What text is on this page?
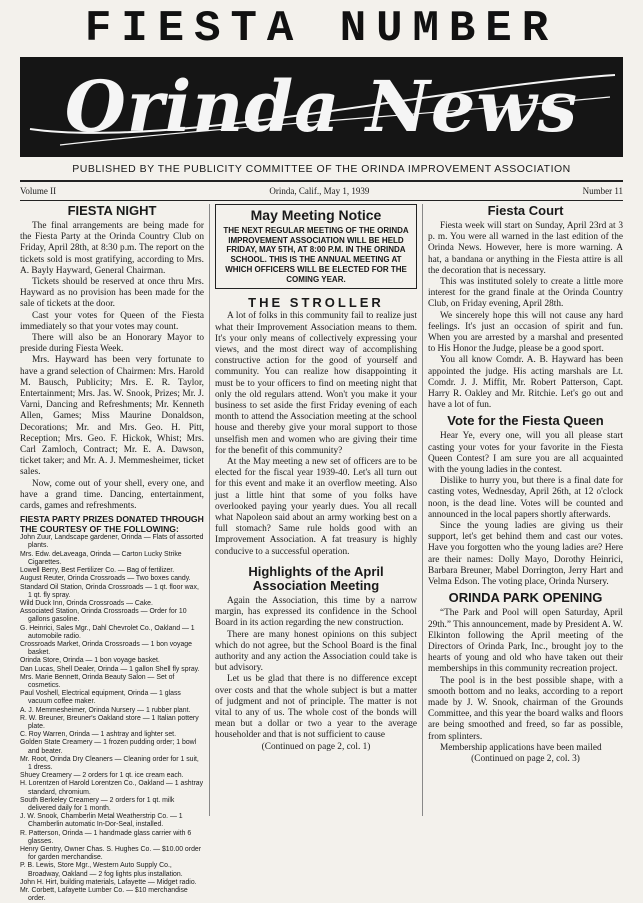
FIESTA NUMBER
Orinda News
PUBLISHED BY THE PUBLICITY COMMITTEE OF THE ORINDA IMPROVEMENT ASSOCIATION
Volume II	Orinda, Calif., May 1, 1939	Number 11
FIESTA NIGHT

The final arrangements are being made for the Fiesta Party at the Orinda Country Club on Friday, April 28th, at 8:30 p.m. The report on the tickets sold is most gratifying, according to Mrs. A. Bayly Hayward, General Chairman.

Tickets should be reserved at once thru Mrs. Hayward as no provision has been made for the sale of tickets at the door.

Cast your votes for Queen of the Fiesta immediately so that your votes may count.

There will also be an Honorary Mayor to preside during Fiesta Week.

Mrs. Hayward has been very fortunate to have a grand selection of Chairmen: Mrs. Harold M. Bausch, Publicity; Mrs. E. R. Taylor, Entertainment; Mrs. Jas. W. Snook, Prizes; Mr. J. Varni, Dancing and Refreshments; Mr. Kenneth Allen, Games; Miss Maurine Donaldson, Decorations; Mr. and Mrs. Geo. H. Pitt, Reception; Mrs. Geo. F. Hickok, Whist; Mrs. Carl Zamloch, Contract; Mr. E. A. Dawson, ticket taker; and Mr. A. J. Memmesheimer, ticket sales.

Now, come out of your shell, every one, and have a grand time. Dancing, entertainment, cards, games and refreshments.

FIESTA PARTY PRIZES DONATED THROUGH THE COURTESY OF THE FOLLOWING:

John Zuur, Landscape gardener, Orinda — Flats of assorted plants.

Mrs. Edw. deLaveaga, Orinda — Carton Lucky Strike Cigarettes.

Lowell Berry, Best Fertilizer Co. — Bag of fertilizer.

August Reuter, Orinda Crossroads — Two boxes candy.

Standard Oil Station, Orinda Crossroads — 1 qt. floor wax, 1 qt. fly spray.

Wild Duck Inn, Orinda Crossroads — Cake.

Associated Station, Orinda Crossroads — Order for 10 gallons gasoline.

G. Heinrici, Sales Mgr., Dahl Chevrolet Co., Oakland — 1 automobile radio.

Crossroads Market, Orinda Crossroads — 1 bon voyage basket.

Orinda Store, Orinda — 1 bon voyage basket.

Dan Lucas, Shell Dealer, Orinda — 1 gallon Shell fly spray.

Mrs. Marie Bennett, Orinda Beauty Salon — Set of cosmetics.

Paul Voshell, Electrical equipment, Orinda — 1 glass vacuum coffee maker.

A. J. Memmesheimer, Orinda Nursery — 1 rubber plant.

R. W. Breuner, Breuner's Oakland store — 1 Italian pottery plate.

C. Roy Warren, Orinda — 1 ashtray and lighter set.

Golden State Creamery — 1 frozen pudding order; 1 bowl and beater.

Mr. Root, Orinda Dry Cleaners — Cleaning order for 1 suit, 1 dress.

Shuey Creamery — 2 orders for 1 qt. ice cream each.

H. Lorentzen of Harold Lorentzen Co., Oakland — 1 ashtray standard, chromium.

South Berkeley Creamery — 2 orders for 1 qt. milk delivered daily for 1 month.

J. W. Snook, Chamberlin Metal Weatherstrip Co. — 1 Chamberlin automatic In-Dor-Seal, installed.

R. Patterson, Orinda — 1 handmade glass carrier with 6 glasses.

Henry Gentry, Owner Chas. S. Hughes Co. — $10.00 order for garden merchandise.

P. B. Lewis, Store Mgr., Western Auto Supply Co., Broadway, Oakland — 2 fog lights plus installation.

John H. Hirt, building materials, Lafayette — Midget radio.

Mr. Corbett, Lafayette Lumber Co. — $10 merchandise order.

May Meeting Notice
THE NEXT REGULAR MEETING OF THE ORINDA IMPROVEMENT ASSOCIATION WILL BE HELD FRIDAY, MAY 5TH, AT 8:00 P.M. IN THE ORINDA SCHOOL. THIS IS THE ANNUAL MEETING AT WHICH OFFICERS WILL BE ELECTED FOR THE COMING YEAR.
THE STROLLER

A lot of folks in this community fail to realize just what their Improvement Association means to them. It's your only means of collectively expressing your views, and the most direct way of accomplishing constructive action for the good of yourself and community. You can realize how disappointing it must be to your officers to find on meeting night that only the old regulars attend. Won't you make it your business to set aside the first Friday evening of each month to attend the Association meeting at the school house and thereby give your moral support to those unselfish men and women who are giving their time for the benefit of this community?

At the May meeting a new set of officers are to be elected for the fiscal year 1939-40. Let's all turn out for this event and make it an overflow meeting. Also just a little hint that some of you folks have overlooked paying your yearly dues. You all recall what Napoleon said about an army working best on a full stomach? Same rule holds good with an Improvement Association. A fat treasury is highly conducive to a successful operation.

Highlights of the April Association Meeting

Again the Association, this time by a narrow margin, has expressed its confidence in the School Board in its action regarding the new construction.

There are many honest opinions on this subject which do not agree, but the School Board is the final authority and any action the Association could take is but advisory.

Let us be glad that there is no difference except over costs and that the whole subject is but a matter of judgment and not of principle. The matter is not vital to any of us. The whole cost of the bonds will mean but a dollar or two a year to the average householder and that is not sufficient to cause

(Continued on page 2, col. 1)

Fiesta Court

Fiesta week will start on Sunday, April 23rd at 3 p. m. You were all warned in the last edition of the Orinda News. However, here is more warning. A hat, a bandana or anything in the Fiesta attire is all the decoration that is necessary.

This was instituted solely to create a little more interest for the grand finale at the Orinda Country Club, on Friday evening, April 28th.

We sincerely hope this will not cause any hard feelings. It's just an occasion of spirit and fun. When you are arrested by a marshal and presented to His Honor the Judge, please be a good sport.

You all know Comdr. A. B. Hayward has been appointed the judge. His acting marshals are Lt. Comdr. J. J. Miffit, Mr. Robert Patterson, Capt. Harry R. Oakley and Mr. Ritchie. Let's go out and have a lot of fun.

Vote for the Fiesta Queen

Hear Ye, every one, will you all please start casting your votes for your favorite in the Fiesta Queen Contest? I am sure you are all acquainted with the young ladies in the contest.

Dislike to hurry you, but there is a final date for casting votes, Wednesday, April 26th, at 12 o'clock noon, is the dead line. Votes will be counted and announced in the local papers shortly afterwards.

Since the young ladies are giving us their support, let's get behind them and cast our votes. Have you forgotten who the young ladies are? Here are their names: Dolly Mayo, Dorothy Heinrici, Barbara Breuner, Mabel Dorrington, Jerry Hart and Velma Edson. The voting place, Orinda Nursery.

ORINDA PARK OPENING

“The Park and Pool will open Saturday, April 29th.” This announcement, made by President A. W. Elkinton following the April meeting of the Directors of Orinda Park, Inc., brought joy to the hearts of young and old who have taken out their memberships in this community recreation project.

The pool is in the best possible shape, with a smooth bottom and no leaks, according to a report made by J. W. Snook, chairman of the Grounds Committee, and this year the board walks and floors are being smoothed and freed, so far as possible, from splinters.

Membership applications have been mailed

(Continued on page 2, col. 3)
